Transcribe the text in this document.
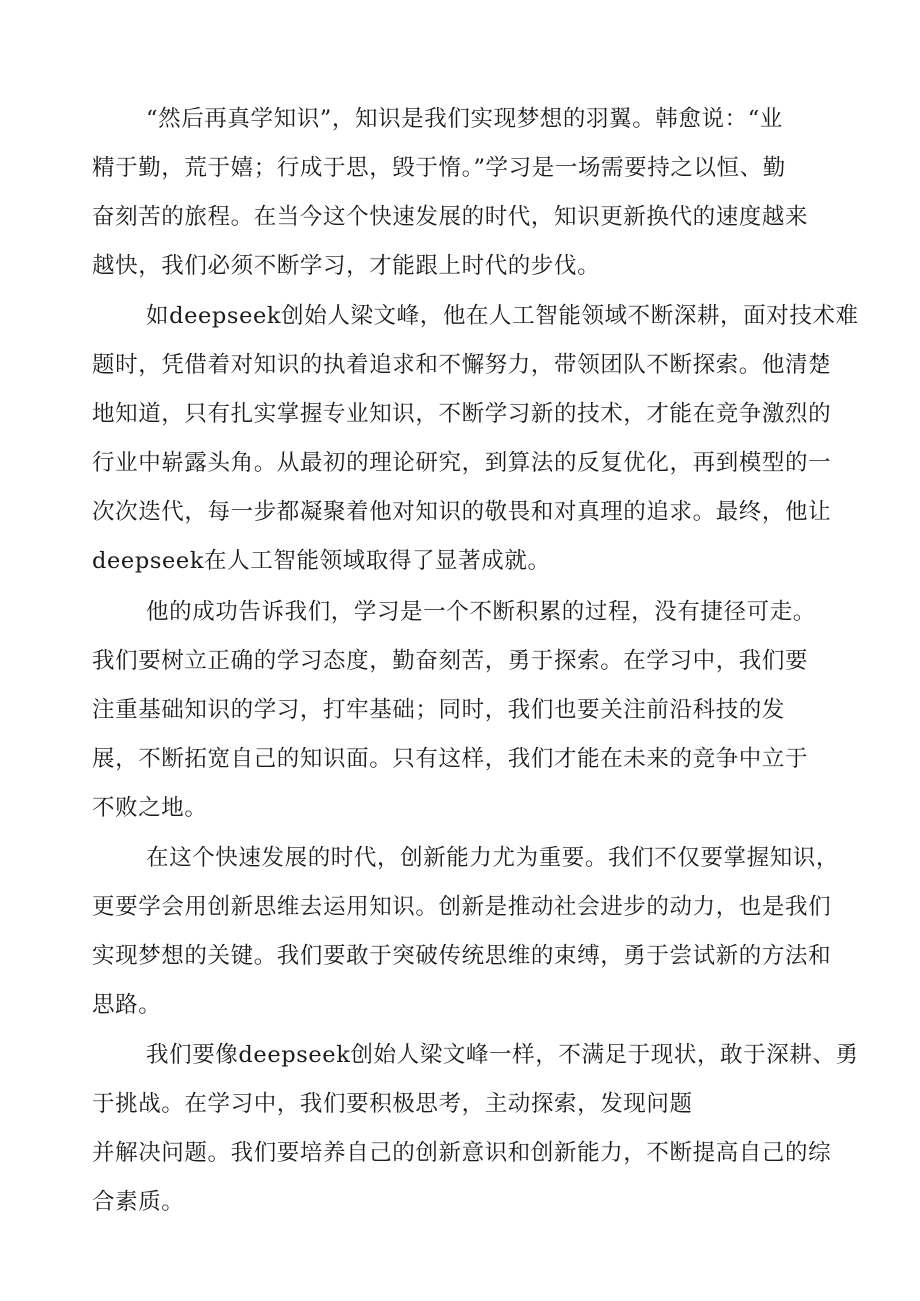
“然后再真学知识”，知识是我们实现梦想的羽翼。韩愈说：“业
精于勤，荒于嬉；行成于思，毁于惰。”学习是一场需要持之以恒、勤
奋刻苦的旅程。在当今这个快速发展的时代，知识更新换代的速度越来
越快，我们必须不断学习，才能跟上时代的步伐。
如deepseek创始人梁文峰，他在人工智能领域不断深耕，面对技术难
题时，凭借着对知识的执着追求和不懈努力，带领团队不断探索。他清楚
地知道，只有扎实掌握专业知识，不断学习新的技术，才能在竞争激烈的
行业中崭露头角。从最初的理论研究，到算法的反复优化，再到模型的一
次次迭代，每一步都凝聚着他对知识的敬畏和对真理的追求。最终，他让
deepseek在人工智能领域取得了显著成就。
他的成功告诉我们，学习是一个不断积累的过程，没有捷径可走。
我们要树立正确的学习态度，勤奋刻苦，勇于探索。在学习中，我们要
注重基础知识的学习，打牢基础；同时，我们也要关注前沿科技的发
展，不断拓宽自己的知识面。只有这样，我们才能在未来的竞争中立于
不败之地。
在这个快速发展的时代，创新能力尤为重要。我们不仅要掌握知识，
更要学会用创新思维去运用知识。创新是推动社会进步的动力，也是我们
实现梦想的关键。我们要敢于突破传统思维的束缚，勇于尝试新的方法和
思路。
我们要像deepseek创始人梁文峰一样，不满足于现状，敢于深耕、勇
于挑战。在学习中，我们要积极思考，主动探索，发现问题
并解决问题。我们要培养自己的创新意识和创新能力，不断提高自己的综
合素质。
